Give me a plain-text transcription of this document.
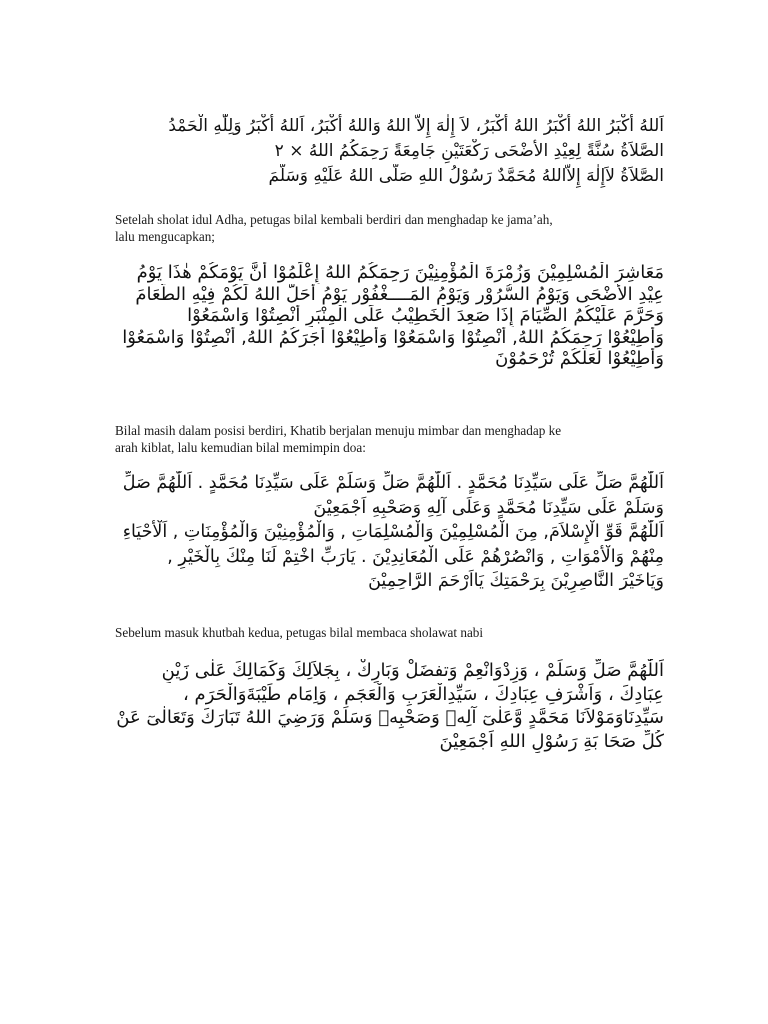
اَللهُ أَكْبَرُ اللهُ أَكْبَرُ اللهُ أَكْبَرُ، لاَ إِلٰهَ إِلاَّ اللهُ وَاللهُ أَكْبَرُ، اَللهُ أَكْبَرُ وَلِلّٰهِ الْحَمْدُ
الصَّلاَةُ سُنَّةً لِعِيْدِ الأَضْحَى رَكْعَتَيْنِ جَامِعَةً رَحِمَكُمُ اللهُ × ٢
الصَّلاَةُ لاَإِلٰهَ إِلاَّاللهُ مُحَمَّدٌ رَسُوْلُ اللهِ صَلَّى اللهُ عَلَيْهِ وَسَلَّمَ
Setelah sholat idul Adha, petugas bilal kembali berdiri dan menghadap ke jama’ah,
lalu mengucapkan;
مَعَاشِرَ الْمُسْلِمِيْنَ وَزُمْرَةَ الْمُؤْمِنِيْنَ رَحِمَكُمُ اللهُ إِعْلَمُوْا أَنَّ يَوْمَكُمْ هٰذَا يَوْمُ
عِيْدِ الأَضْحَى وَيَوْمُ السُّرُوْرِ وَيَوْمُ المَــــغْفُوْرِ يَوْمُ أَحَلَّ اللهُ لَكُمْ فِيْهِ الطَّعَامَ
وَحَرَّمَ عَلَيْكُمُ الصِّيَامَ إِذَا صَعِدَ الْخَطِيْبُ عَلَى الْمِنْبَرِ أَنْصِتُوْا وَاسْمَعُوْا
وَأَطِيْعُوْا رَحِمَكُمُ اللهُ, أَنْصِتُوْا وَاسْمَعُوْا وَأَطِيْعُوْا أَجَرَكُمُ اللهُ, أَنْصِتُوْا وَاسْمَعُوْا
وَأَطِيْعُوْا لَعَلَّكُمْ تُرْحَمُوْنَ
Bilal masih dalam posisi berdiri, Khatib berjalan menuju mimbar dan menghadap ke
arah kiblat, lalu kemudian bilal memimpin doa:
اَللّٰهُمَّ صَلِّ عَلَى سَيِّدِنَا مُحَمَّدٍ . اَللّٰهُمَّ صَلِّ وَسَلِّمْ عَلَى سَيِّدِنَا مُحَمَّدٍ . اَللّٰهُمَّ صَلِّ
وَسَلِّمْ عَلَى سَيِّدِنَا مُحَمَّدٍ وَعَلَى آلِهِ وَصَحْبِهِ اَجْمَعِيْنَ
اَللّٰهُمَّ قَوِّ الْإِسْلاَمَ, مِنَ الْمُسْلِمِيْنَ وَالْمُسْلِمَاتِ , وَالْمُؤْمِنِيْنَ وَالْمُؤْمِنَاتِ , اَلْأَحْيَاءِ
مِنْهُمْ وَالْأَمْوَاتِ , وَانْصُرْهُمْ عَلَى الْمُعَانِدِيْنَ . يَارَبِّ اخْتِمْ لَنَا مِنْكَ بِالْخَيْرِ ,
وَيَاخَيْرَ النَّاصِرِيْنَ بِرَحْمَتِكَ يَااَرْحَمَ الرَّاحِمِيْنَ
Sebelum masuk khutbah kedua, petugas bilal membaca sholawat nabi
اَللّٰهُمَّ صَلِّ وَسَلِّمْ ، وَزِدْوَانْعِمْ وَتفضَلْ وَبَارِكْ ، بِجَلاَلِكَ وَكَمَالِكَ عَلٰى زَيْنِ
عِبَادِكَ ، وَاَشْرَفِ عِبَادِكَ ، سَيِّدِالْعَرَبِ وَالْعَجَمِ ، وَاِمَامِ طَيْبَةَوَالْحَرَمِ ،
سَيِّدِنَاوَمَوْلاَنَا مَحَمَّدٍ وَّعَلٰىٓ آلِهٖ وَصَحْبِهٖ وَسَلِّمْ وَرَضِيَ اللهُ تَبَارَكَ وَتَعَالٰىٓ عَنْ
كُلِّ صَحَا بَةِ رَسُوْلِ اللهِ اَجْمَعِيْنَ
